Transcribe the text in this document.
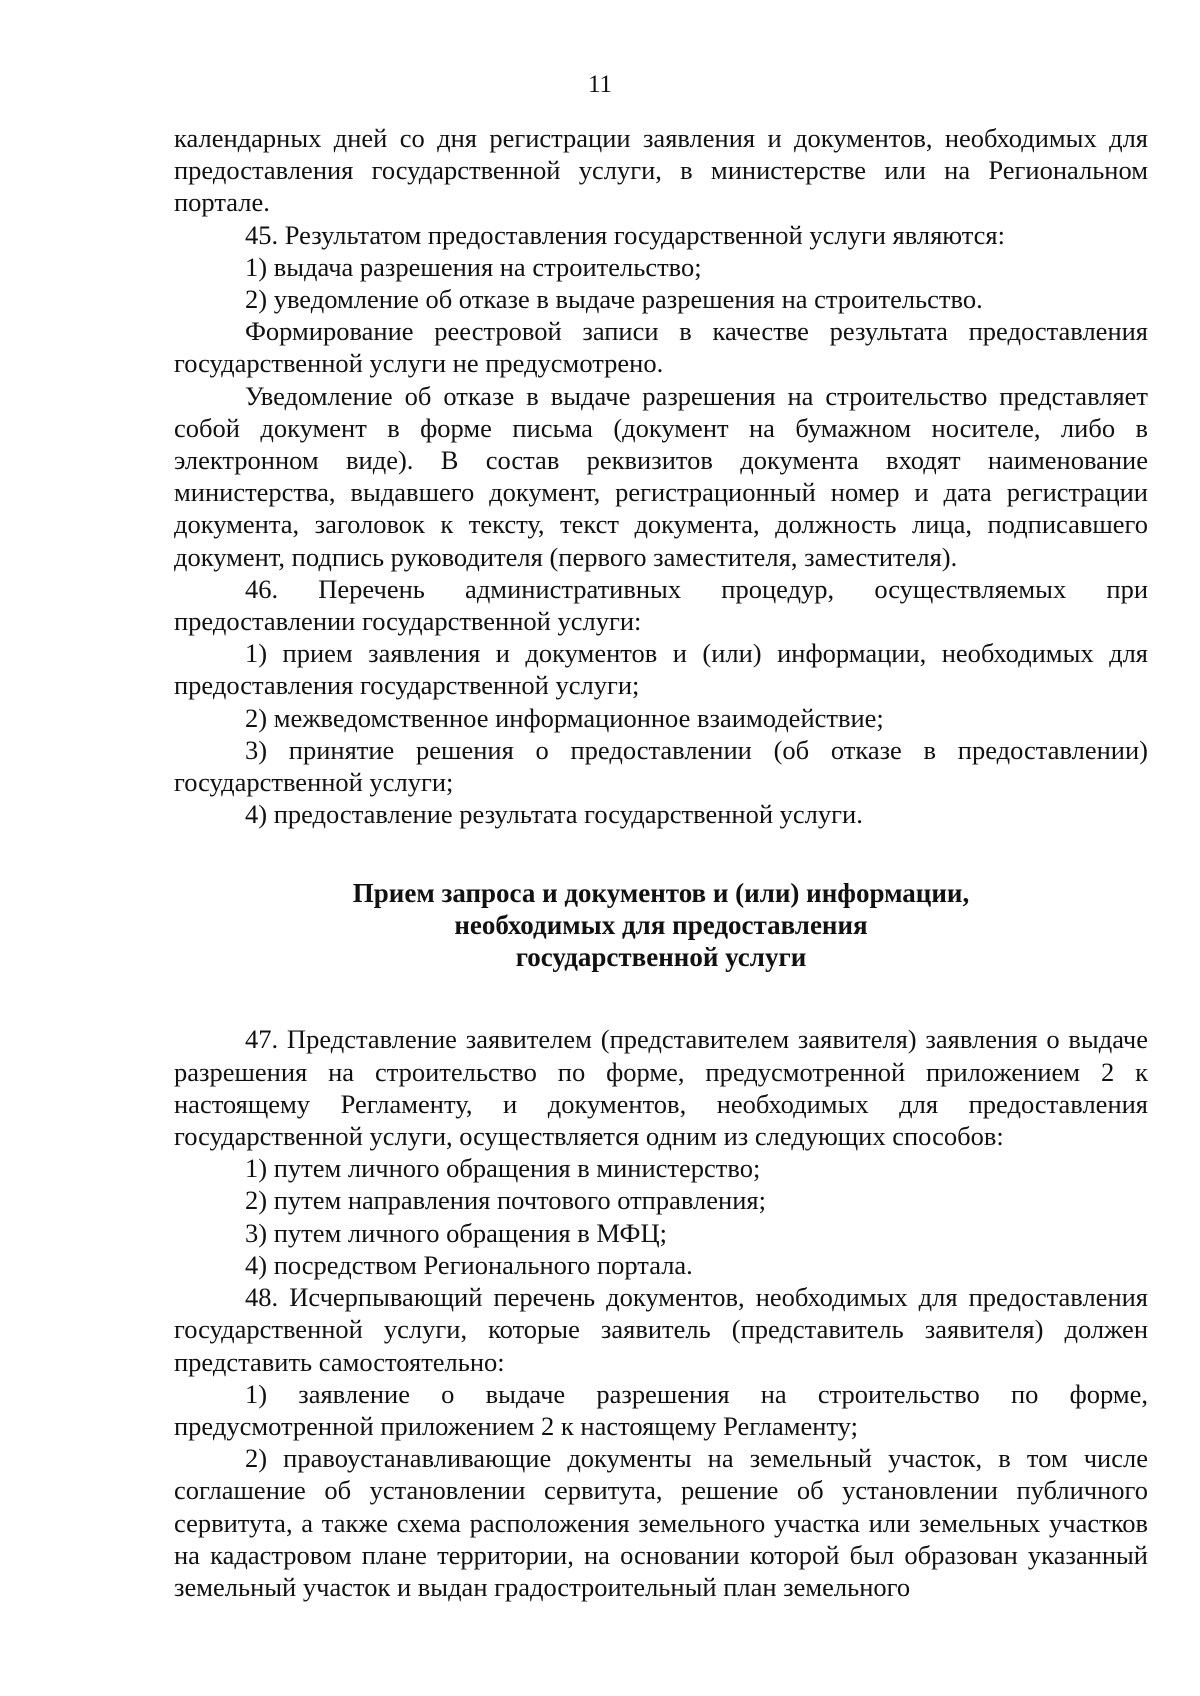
11

календарных дней со дня регистрации заявления и документов, необходимых для предоставления государственной услуги, в министерстве или на Региональном портале.

45. Результатом предоставления государственной услуги являются:

1) выдача разрешения на строительство;

2) уведомление об отказе в выдаче разрешения на строительство.

Формирование реестровой записи в качестве результата предоставления государственной услуги не предусмотрено.

Уведомление об отказе в выдаче разрешения на строительство представляет собой документ в форме письма (документ на бумажном носителе, либо в электронном виде). В состав реквизитов документа входят наименование министерства, выдавшего документ, регистрационный номер и дата регистрации документа, заголовок к тексту, текст документа, должность лица, подписавшего документ, подпись руководителя (первого заместителя, заместителя).

46. Перечень административных процедур, осуществляемых при предоставлении государственной услуги:

1) прием заявления и документов и (или) информации, необходимых для предоставления государственной услуги;

2) межведомственное информационное взаимодействие;

3) принятие решения о предоставлении (об отказе в предоставлении) государственной услуги;

4) предоставление результата государственной услуги.

Прием запроса и документов и (или) информации,
необходимых для предоставления
государственной услуги

47. Представление заявителем (представителем заявителя) заявления о выдаче разрешения на строительство по форме, предусмотренной приложением 2 к настоящему Регламенту, и документов, необходимых для предоставления государственной услуги, осуществляется одним из следующих способов:

1) путем личного обращения в министерство;

2) путем направления почтового отправления;

3) путем личного обращения в МФЦ;

4) посредством Регионального портала.

48. Исчерпывающий перечень документов, необходимых для предоставления государственной услуги, которые заявитель (представитель заявителя) должен представить самостоятельно:

1) заявление о выдаче разрешения на строительство по форме, предусмотренной приложением 2 к настоящему Регламенту;

2) правоустанавливающие документы на земельный участок, в том числе соглашение об установлении сервитута, решение об установлении публичного сервитута, а также схема расположения земельного участка или земельных участков на кадастровом плане территории, на основании которой был образован указанный земельный участок и выдан градостроительный план земельного
